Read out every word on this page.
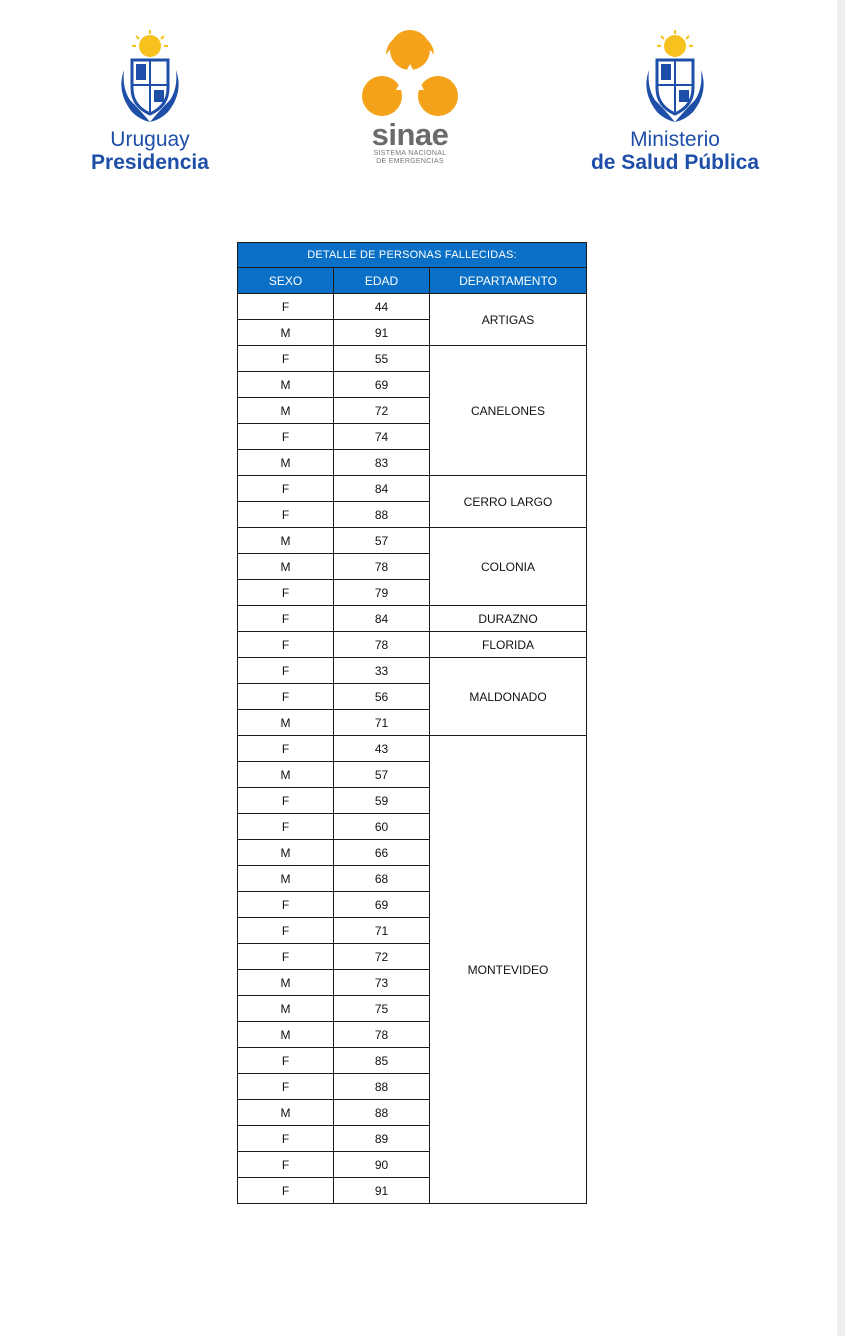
Uruguay
Presidencia
sinae
SISTEMA NACIONAL
DE EMERGENCIAS
Ministerio
de Salud Pública
DETALLE DE PERSONAS FALLECIDAS:		
SEXO	EDAD	DEPARTAMENTO
F	44	ARTIGAS
M	91	
F	55	CANELONES
M	69	
M	72	
F	74	
M	83	
F	84	CERRO LARGO
F	88	
M	57	COLONIA
M	78	
F	79	
F	84	DURAZNO
F	78	FLORIDA
F	33	MALDONADO
F	56	
M	71	
F	43	MONTEVIDEO
M	57	
F	59	
F	60	
M	66	
M	68	
F	69	
F	71	
F	72	
M	73	
M	75	
M	78	
F	85	
F	88	
M	88	
F	89	
F	90	
F	91	
